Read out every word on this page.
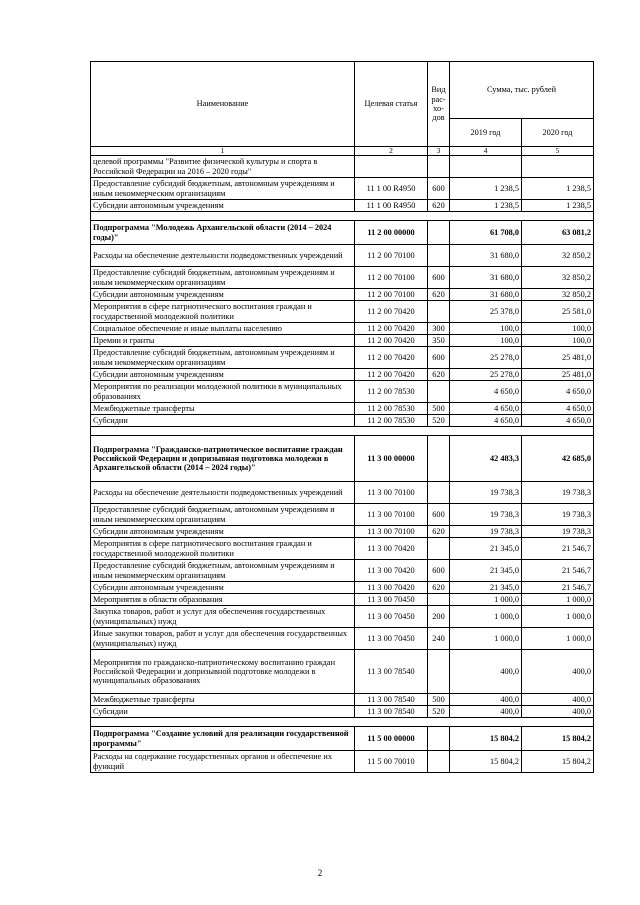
Наименование	Целевая статья	Вид рас-хо-дов	Сумма, тыс. рублей	
			2019 год	2020 год
1	2	3	4	5
целевой программы "Развитие физической культуры и спорта в Российской Федерации на 2016 – 2020 годы"				
Предоставление субсидий бюджетным, автономным учреждениям и иным некоммерческим организациям	11 1 00 R4950	600	1 238,5	1 238,5
Субсидии автономным учреждениям	11 1 00 R4950	620	1 238,5	1 238,5

Подпрограмма "Молодежь Архангельской области (2014 – 2024 годы)"	11 2 00 00000		61 708,0	63 081,2
Расходы на обеспечение деятельности подведомственных учреждений	11 2 00 70100		31 680,0	32 850,2
Предоставление субсидий бюджетным, автономным учреждениям и иным некоммерческим организациям	11 2 00 70100	600	31 680,0	32 850,2
Субсидии автономным учреждениям	11 2 00 70100	620	31 680,0	32 850,2
Мероприятия в сфере патриотического воспитания граждан и государственной молодежной политики	11 2 00 70420		25 378,0	25 581,0
Социальное обеспечение и иные выплаты населению	11 2 00 70420	300	100,0	100,0
Премии и гранты	11 2 00 70420	350	100,0	100,0
Предоставление субсидий бюджетным, автономным учреждениям и иным некоммерческим организациям	11 2 00 70420	600	25 278,0	25 481,0
Субсидии автономным учреждениям	11 2 00 70420	620	25 278,0	25 481,0
Мероприятия по реализации молодежной политики в муниципальных образованиях	11 2 00 78530		4 650,0	4 650,0
Межбюджетные трансферты	11 2 00 78530	500	4 650,0	4 650,0
Субсидии	11 2 00 78530	520	4 650,0	4 650,0

Подпрограмма "Гражданско-патриотическое воспитание граждан Российской Федерации и допризывная подготовка молодежи в Архангельской области (2014 – 2024 годы)"	11 3 00 00000		42 483,3	42 685,0
Расходы на обеспечение деятельности подведомственных учреждений	11 3 00 70100		19 738,3	19 738,3
Предоставление субсидий бюджетным, автономным учреждениям и иным некоммерческим организациям	11 3 00 70100	600	19 738,3	19 738,3
Субсидии автономным учреждениям	11 3 00 70100	620	19 738,3	19 738,3
Мероприятия в сфере патриотического воспитания граждан и государственной молодежной политики	11 3 00 70420		21 345,0	21 546,7
Предоставление субсидий бюджетным, автономным учреждениям и иным некоммерческим организациям	11 3 00 70420	600	21 345,0	21 546,7
Субсидии автономным учреждениям	11 3 00 70420	620	21 345,0	21 546,7
Мероприятия в области образования	11 3 00 70450		1 000,0	1 000,0
Закупка товаров, работ и услуг для обеспечения государственных (муниципальных) нужд	11 3 00 70450	200	1 000,0	1 000,0
Иные закупки товаров, работ и услуг для обеспечения государственных (муниципальных) нужд	11 3 00 70450	240	1 000,0	1 000,0
Мероприятия по гражданско-патриотическому воспитанию граждан Российской Федерации и допризывной подготовке молодежи в муниципальных образованиях	11 3 00 78540		400,0	400,0
Межбюджетные трансферты	11 3 00 78540	500	400,0	400,0
Субсидии	11 3 00 78540	520	400,0	400,0

Подпрограмма "Создание условий для реализации государственной программы"	11 5 00 00000		15 804,2	15 804,2
Расходы на содержание государственных органов и обеспечение их функций	11 5 00 70010		15 804,2	15 804,2
2
